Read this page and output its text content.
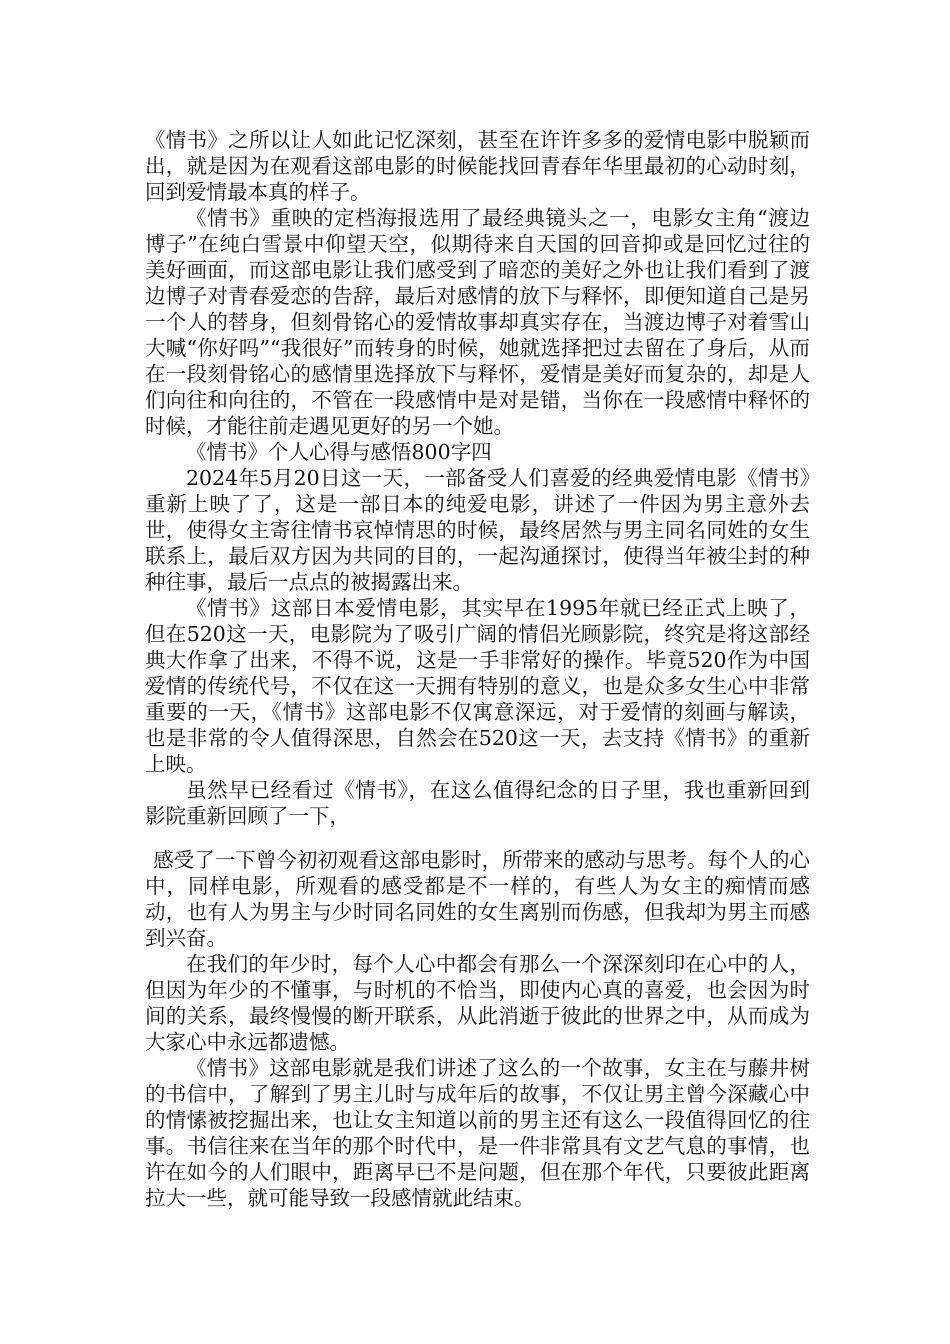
《情书》之所以让人如此记忆深刻，甚至在许许多多的爱情电影中脱颖而出，就是因为在观看这部电影的时候能找回青春年华里最初的心动时刻，回到爱情最本真的样子。

《情书》重映的定档海报选用了最经典镜头之一，电影女主角“渡边博子”在纯白雪景中仰望天空，似期待来自天国的回音抑或是回忆过往的美好画面，而这部电影让我们感受到了暗恋的美好之外也让我们看到了渡边博子对青春爱恋的告辞，最后对感情的放下与释怀，即便知道自己是另一个人的替身，但刻骨铭心的爱情故事却真实存在，当渡边博子对着雪山大喊“你好吗”“我很好”而转身的时候，她就选择把过去留在了身后，从而在一段刻骨铭心的感情里选择放下与释怀，爱情是美好而复杂的，却是人们向往和向往的，不管在一段感情中是对是错，当你在一段感情中释怀的时候，才能往前走遇见更好的另一个她。

《情书》个人心得与感悟800字四

2024年5月20日这一天，一部备受人们喜爱的经典爱情电影《情书》重新上映了了，这是一部日本的纯爱电影，讲述了一件因为男主意外去世，使得女主寄往情书哀悼情思的时候，最终居然与男主同名同姓的女生联系上，最后双方因为共同的目的，一起沟通探讨，使得当年被尘封的种种往事，最后一点点的被揭露出来。

《情书》这部日本爱情电影，其实早在1995年就已经正式上映了，但在520这一天，电影院为了吸引广阔的情侣光顾影院，终究是将这部经典大作拿了出来，不得不说，这是一手非常好的操作。毕竟520作为中国爱情的传统代号，不仅在这一天拥有特别的意义，也是众多女生心中非常重要的一天，《情书》这部电影不仅寓意深远，对于爱情的刻画与解读，也是非常的令人值得深思，自然会在520这一天，去支持《情书》的重新上映。

虽然早已经看过《情书》，在这么值得纪念的日子里，我也重新回到影院重新回顾了一下，

感受了一下曾今初初观看这部电影时，所带来的感动与思考。每个人的心中，同样电影，所观看的感受都是不一样的，有些人为女主的痴情而感动，也有人为男主与少时同名同姓的女生离别而伤感，但我却为男主而感到兴奋。

在我们的年少时，每个人心中都会有那么一个深深刻印在心中的人，但因为年少的不懂事，与时机的不恰当，即使内心真的喜爱，也会因为时间的关系，最终慢慢的断开联系，从此消逝于彼此的世界之中，从而成为大家心中永远都遗憾。

《情书》这部电影就是我们讲述了这么的一个故事，女主在与藤井树的书信中，了解到了男主儿时与成年后的故事，不仅让男主曾今深藏心中的情愫被挖掘出来，也让女主知道以前的男主还有这么一段值得回忆的往事。书信往来在当年的那个时代中，是一件非常具有文艺气息的事情，也许在如今的人们眼中，距离早已不是问题，但在那个年代，只要彼此距离拉大一些，就可能导致一段感情就此结束。
